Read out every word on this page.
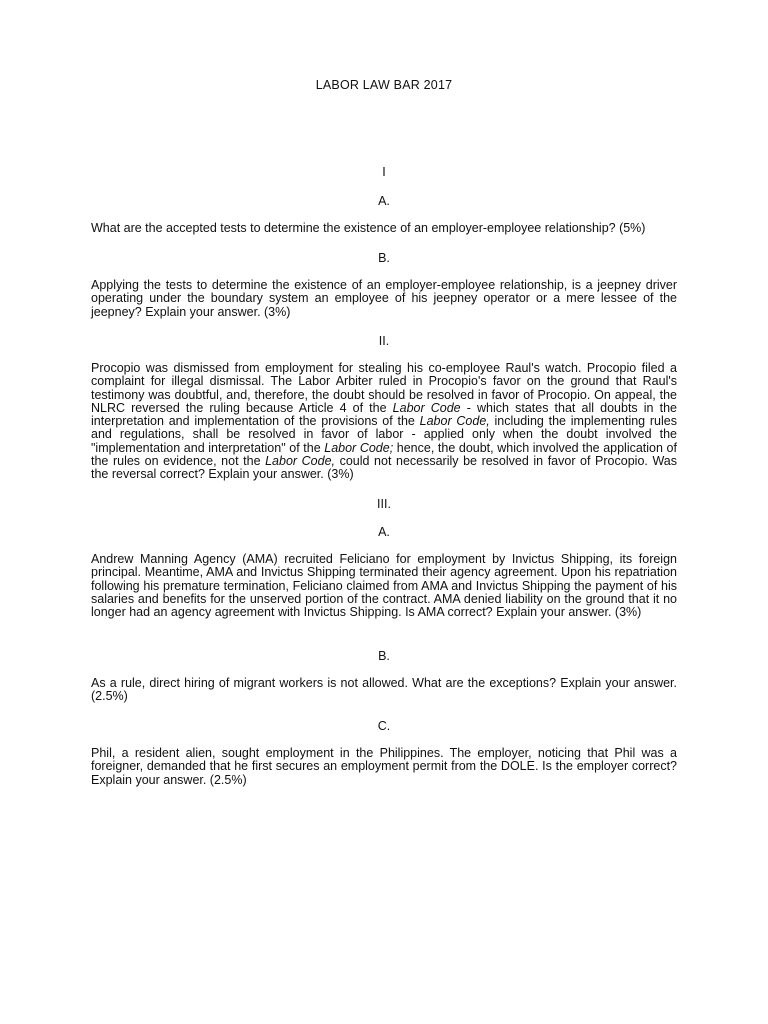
LABOR LAW BAR 2017
I
A.
What are the accepted tests to determine the existence of an employer-employee relationship? (5%)
B.
Applying the tests to determine the existence of an employer-employee relationship, is a jeepney driver operating under the boundary system an employee of his jeepney operator or a mere lessee of the jeepney? Explain your answer. (3%)
II.
Procopio was dismissed from employment for stealing his co-employee Raul's watch. Procopio filed a complaint for illegal dismissal. The Labor Arbiter ruled in Procopio's favor on the ground that Raul's testimony was doubtful, and, therefore, the doubt should be resolved in favor of Procopio. On appeal, the NLRC reversed the ruling because Article 4 of the Labor Code - which states that all doubts in the interpretation and implementation of the provisions of the Labor Code, including the implementing rules and regulations, shall be resolved in favor of labor - applied only when the doubt involved the "implementation and interpretation" of the Labor Code; hence, the doubt, which involved the application of the rules on evidence, not the Labor Code, could not necessarily be resolved in favor of Procopio. Was the reversal correct? Explain your answer. (3%)
III.
A.
Andrew Manning Agency (AMA) recruited Feliciano for employment by Invictus Shipping, its foreign principal. Meantime, AMA and Invictus Shipping terminated their agency agreement. Upon his repatriation following his premature termination, Feliciano claimed from AMA and Invictus Shipping the payment of his salaries and benefits for the unserved portion of the contract. AMA denied liability on the ground that it no longer had an agency agreement with Invictus Shipping. Is AMA correct? Explain your answer. (3%)
B.
As a rule, direct hiring of migrant workers is not allowed. What are the exceptions? Explain your answer. (2.5%)
C.
Phil, a resident alien, sought employment in the Philippines. The employer, noticing that Phil was a foreigner, demanded that he first secures an employment permit from the DOLE. Is the employer correct? Explain your answer. (2.5%)
